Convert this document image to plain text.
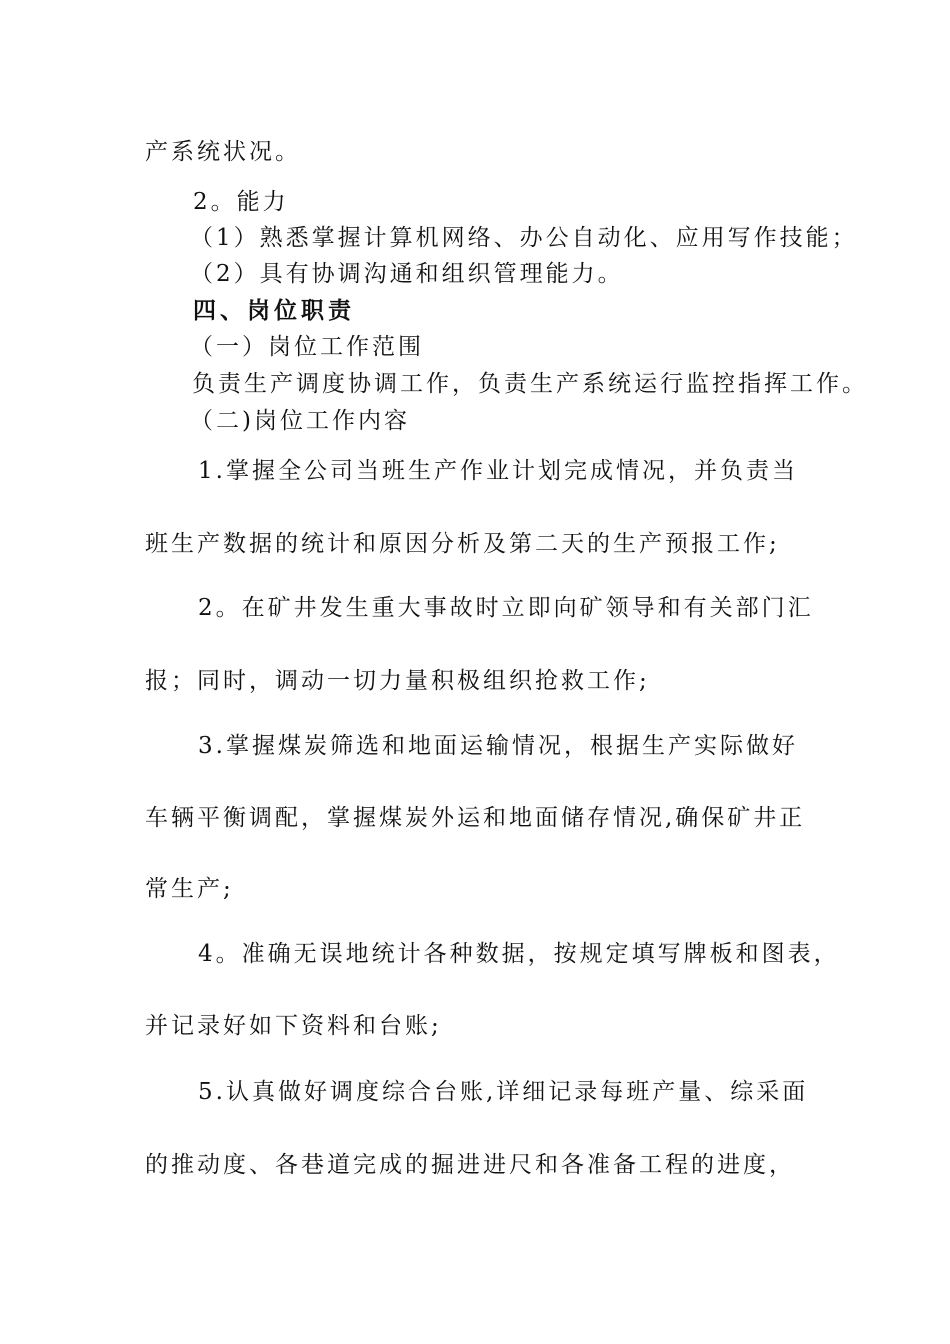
产系统状况。
2。能力
（1）熟悉掌握计算机网络、办公自动化、应用写作技能；
（2）具有协调沟通和组织管理能力。
四、岗位职责
（一）岗位工作范围
负责生产调度协调工作，负责生产系统运行监控指挥工作。
（二)岗位工作内容
1.掌握全公司当班生产作业计划完成情况，并负责当
班生产数据的统计和原因分析及第二天的生产预报工作;
2。在矿井发生重大事故时立即向矿领导和有关部门汇
报；同时，调动一切力量积极组织抢救工作;
3.掌握煤炭筛选和地面运输情况，根据生产实际做好
车辆平衡调配，掌握煤炭外运和地面储存情况,确保矿井正
常生产;
4。准确无误地统计各种数据，按规定填写牌板和图表，
并记录好如下资料和台账;
5.认真做好调度综合台账,详细记录每班产量、综采面
的推动度、各巷道完成的掘进进尺和各准备工程的进度，
